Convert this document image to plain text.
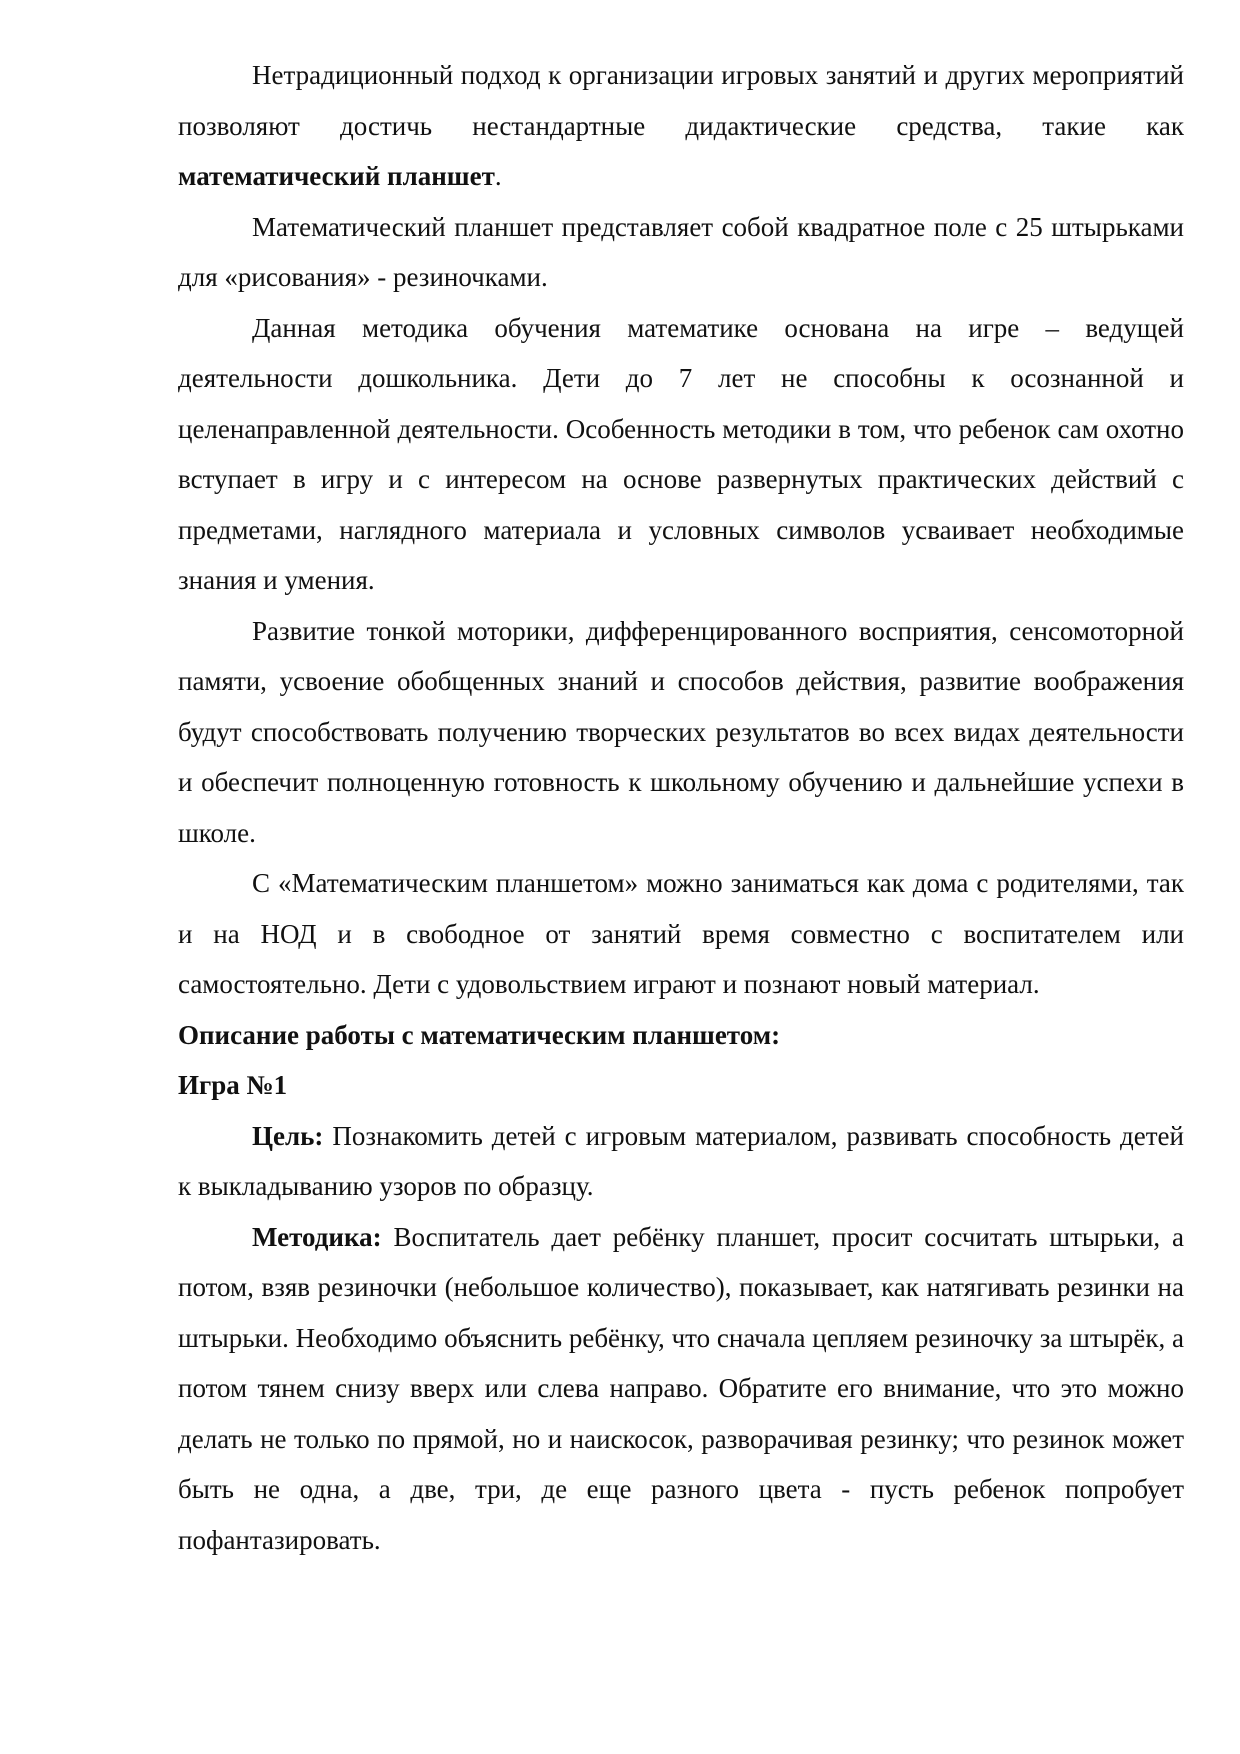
Нетрадиционный подход к организации игровых занятий и других мероприятий позволяют достичь нестандартные дидактические средства, такие как математический планшет.

Математический планшет представляет собой квадратное поле с 25 штырьками для «рисования» - резиночками.

Данная методика обучения математике основана на игре – ведущей деятельности дошкольника. Дети до 7 лет не способны к осознанной и целенаправленной деятельности. Особенность методики в том, что ребенок сам охотно вступает в игру и с интересом на основе развернутых практических действий с предметами, наглядного материала и условных символов усваивает необходимые знания и умения.

Развитие тонкой моторики, дифференцированного восприятия, сенсомоторной памяти, усвоение обобщенных знаний и способов действия, развитие воображения будут способствовать получению творческих результатов во всех видах деятельности и обеспечит полноценную готовность к школьному обучению и дальнейшие успехи в школе.

С «Математическим планшетом» можно заниматься как дома с родителями, так и на НОД и в свободное от занятий время совместно с воспитателем или самостоятельно. Дети с удовольствием играют и познают новый материал.

Описание работы с математическим планшетом:

Игра №1

Цель: Познакомить детей с игровым материалом, развивать способность детей к выкладыванию узоров по образцу.

Методика: Воспитатель дает ребёнку планшет, просит сосчитать штырьки, а потом, взяв резиночки (небольшое количество), показывает, как натягивать резинки на штырьки. Необходимо объяснить ребёнку, что сначала цепляем резиночку за штырёк, а потом тянем снизу вверх или слева направо. Обратите его внимание, что это можно делать не только по прямой, но и наискосок, разворачивая резинку; что резинок может быть не одна, а две, три, де еще разного цвета - пусть ребенок попробует пофантазировать.
